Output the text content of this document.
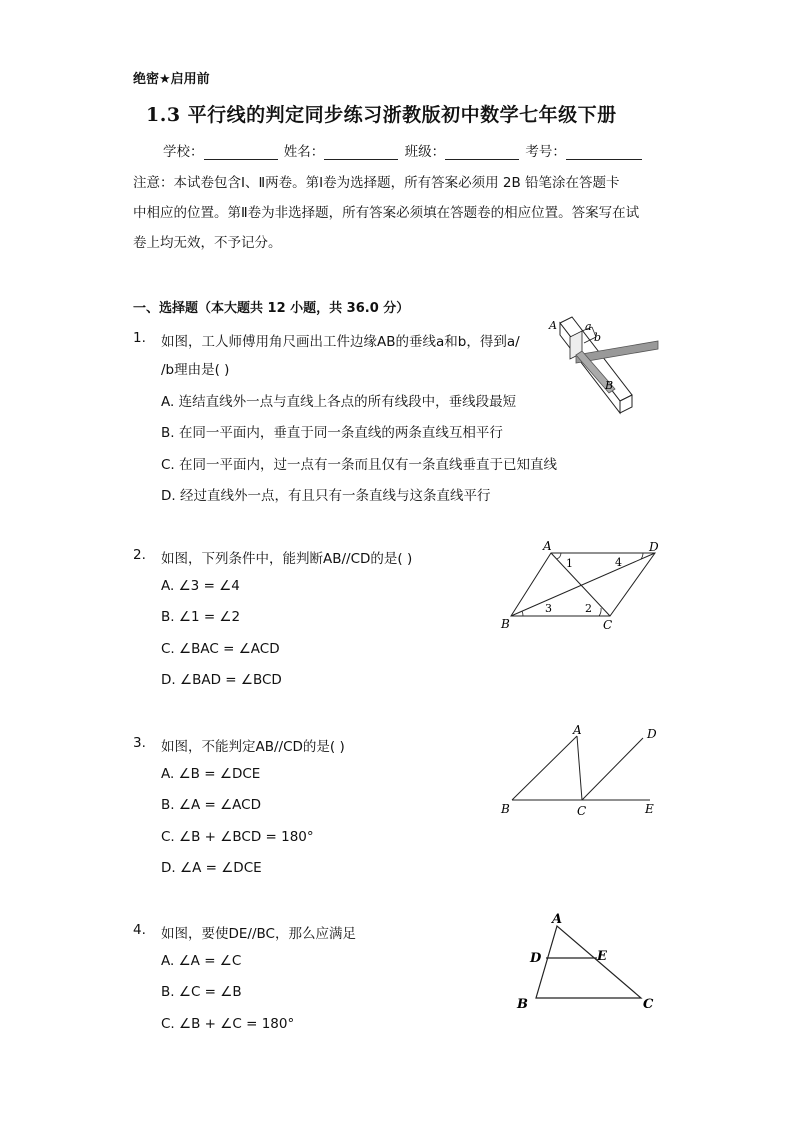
绝密★启用前
1.3 平行线的判定同步练习浙教版初中数学七年级下册
学校：	姓名：	班级：	考号：
注意：本试卷包含Ⅰ、Ⅱ两卷。第Ⅰ卷为选择题，所有答案必须用 2B 铅笔涂在答题卡
中相应的位置。第Ⅱ卷为非选择题，所有答案必须填在答题卷的相应位置。答案写在试
卷上均无效，不予记分。
一、选择题（本大题共 12 小题，共 36.0 分）
1. 如图，工人师傅用角尺画出工件边缘AB的垂线a和b，得到a/
/b理由是( )
A. 连结直线外一点与直线上各点的所有线段中，垂线段最短
B. 在同一平面内，垂直于同一条直线的两条直线互相平行
C. 在同一平面内，过一点有一条而且仅有一条直线垂直于已知直线
D. 经过直线外一点，有且只有一条直线与这条直线平行
A	a
b
B
2. 如图，下列条件中，能判断AB//CD的是( )
A. ∠3 = ∠4
B. ∠1 = ∠2
C. ∠BAC = ∠ACD
D. ∠BAD = ∠BCD
A	D
B	C
1
2
3
4
3. 如图，不能判定AB//CD的是( )
A. ∠B = ∠DCE
B. ∠A = ∠ACD
C. ∠B + ∠BCD = 180°
D. ∠A = ∠DCE
A	D
B	C	E
4. 如图，要使DE//BC，那么应满足
A. ∠A = ∠C
B. ∠C = ∠B
C. ∠B + ∠C = 180°
A
D	E
B	C
